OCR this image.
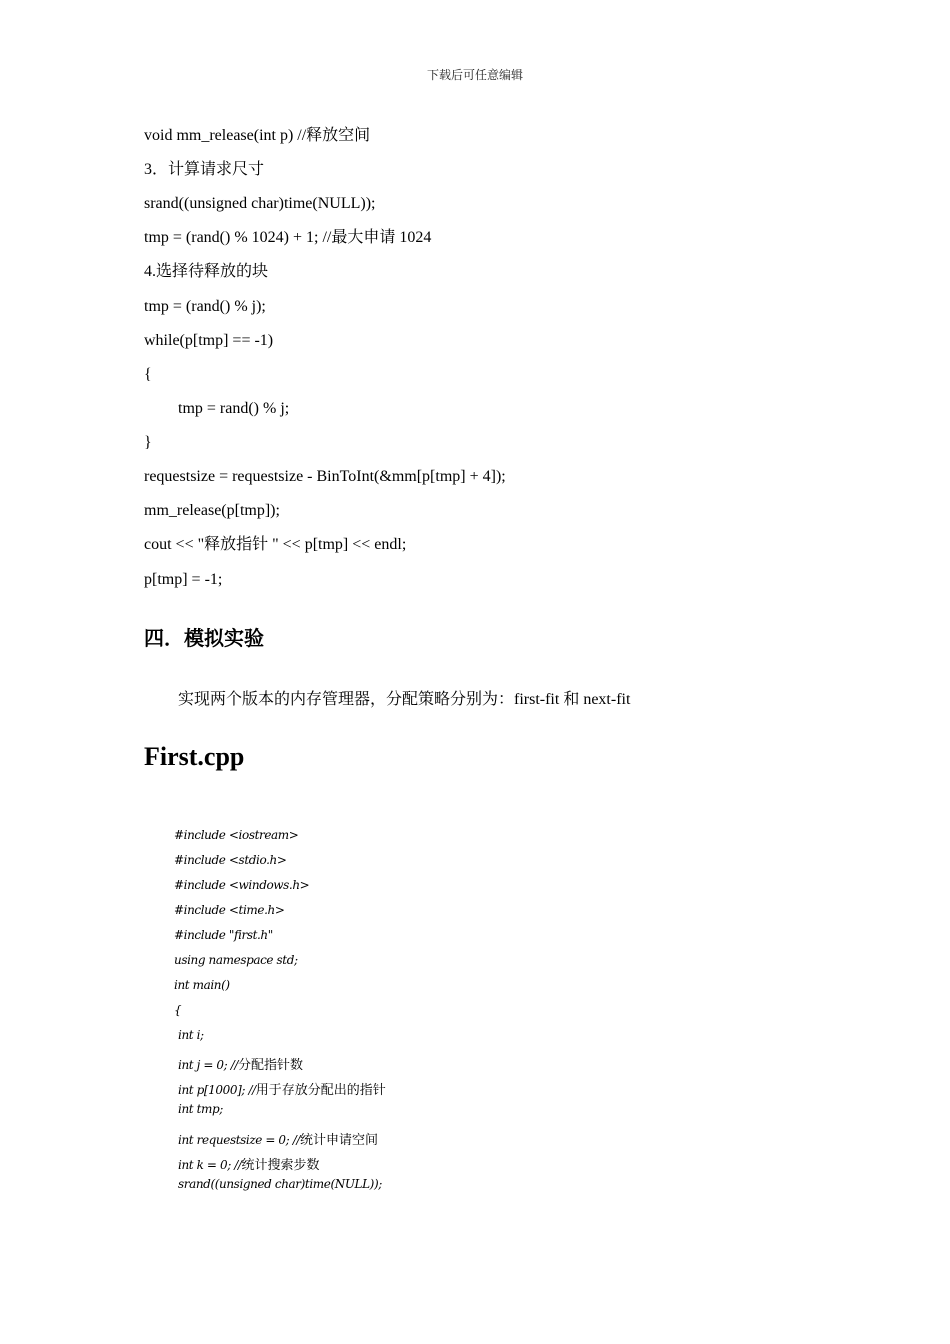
下载后可任意编辑
void mm_release(int p) //释放空间
3．计算请求尺寸
srand((unsigned char)time(NULL));
tmp = (rand() % 1024) + 1; //最大申请 1024
4.选择待释放的块
tmp = (rand() % j);
while(p[tmp] == -1)
{
tmp = rand() % j;
}
requestsize = requestsize - BinToInt(&mm[p[tmp] + 4]);
mm_release(p[tmp]);
cout << "释放指针 " << p[tmp] << endl;
p[tmp] = -1;
四．模拟实验
实现两个版本的内存管理器，分配策略分别为：first-fit 和 next-fit
First.cpp
#include <iostream>
#include <stdio.h>
#include <windows.h>
#include <time.h>
#include "first.h"
using namespace std;
int main()
{
int i;
int j = 0; //分配指针数
int p[1000]; //用于存放分配出的指针
int tmp;
int requestsize = 0; //统计申请空间
int k = 0; //统计搜索步数
srand((unsigned char)time(NULL));
